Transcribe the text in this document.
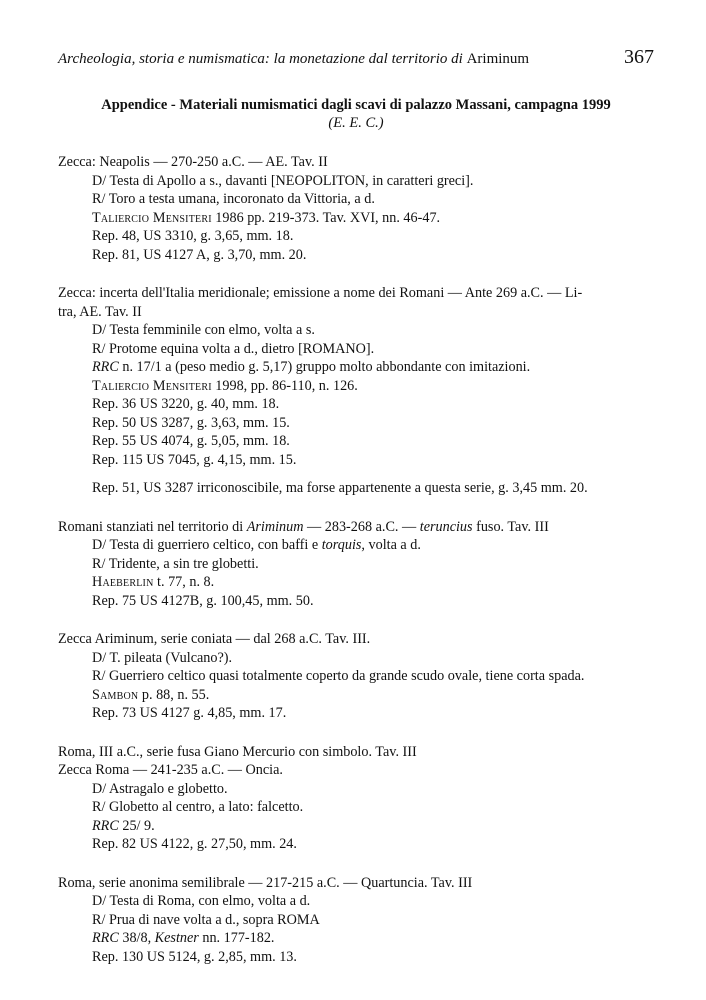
Archeologia, storia e numismatica: la monetazione dal territorio di Ariminum	367
Appendice - Materiali numismatici dagli scavi di palazzo Massani, campagna 1999
(E. E. C.)
Zecca: Neapolis — 270-250 a.C. — AE. Tav. II
D/ Testa di Apollo a s., davanti [NEOPOLITON, in caratteri greci].
R/ Toro a testa umana, incoronato da Vittoria, a d.
Taliercio Mensiteri 1986 pp. 219-373. Tav. XVI, nn. 46-47.
Rep. 48, US 3310, g. 3,65, mm. 18.
Rep. 81, US 4127 A, g. 3,70, mm. 20.
Zecca: incerta dell'Italia meridionale; emissione a nome dei Romani — Ante 269 a.C. — Li-
tra, AE. Tav. II
D/ Testa femminile con elmo, volta a s.
R/ Protome equina volta a d., dietro [ROMANO].
RRC n. 17/1 a (peso medio g. 5,17) gruppo molto abbondante con imitazioni.
Taliercio Mensiteri 1998, pp. 86-110, n. 126.
Rep. 36 US 3220, g. 40, mm. 18.
Rep. 50 US 3287, g. 3,63, mm. 15.
Rep. 55 US 4074, g. 5,05, mm. 18.
Rep. 115 US 7045, g. 4,15, mm. 15.
Rep. 51, US 3287 irriconoscibile, ma forse appartenente a questa serie, g. 3,45 mm. 20.
Romani stanziati nel territorio di Ariminum — 283-268 a.C. — teruncius fuso. Tav. III
D/ Testa di guerriero celtico, con baffi e torquis, volta a d.
R/ Tridente, a sin tre globetti.
Haeberlin t. 77, n. 8.
Rep. 75 US 4127B, g. 100,45, mm. 50.
Zecca Ariminum, serie coniata — dal 268 a.C. Tav. III.
D/ T. pileata (Vulcano?).
R/ Guerriero celtico quasi totalmente coperto da grande scudo ovale, tiene corta spada.
Sambon p. 88, n. 55.
Rep. 73 US 4127 g. 4,85, mm. 17.
Roma, III a.C., serie fusa Giano Mercurio con simbolo. Tav. III
Zecca Roma — 241-235 a.C. — Oncia.
D/ Astragalo e globetto.
R/ Globetto al centro, a lato: falcetto.
RRC 25/ 9.
Rep. 82 US 4122, g. 27,50, mm. 24.
Roma, serie anonima semilibrale — 217-215 a.C. — Quartuncia. Tav. III
D/ Testa di Roma, con elmo, volta a d.
R/ Prua di nave volta a d., sopra ROMA
RRC 38/8, Kestner nn. 177-182.
Rep. 130 US 5124, g. 2,85, mm. 13.
